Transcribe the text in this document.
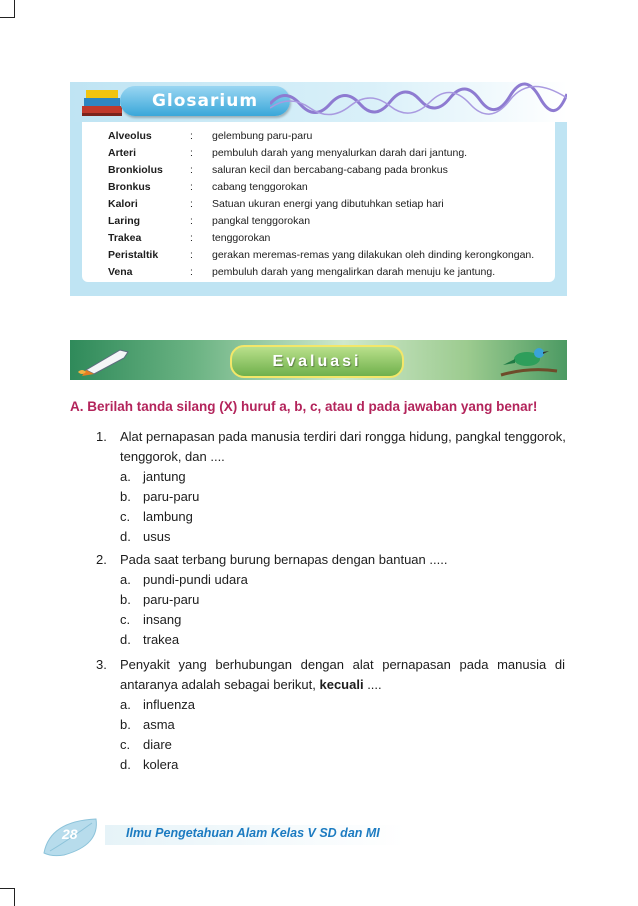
Glosarium
Alveolus	: gelembung paru-paru
Arteri	: pembuluh darah yang menyalurkan darah dari jantung.
Bronkiolus	: saluran kecil dan bercabang-cabang pada bronkus
Bronkus	: cabang tenggorokan
Kalori	: Satuan ukuran energi yang dibutuhkan setiap hari
Laring	: pangkal tenggorokan
Trakea	: tenggorokan
Peristaltik	: gerakan meremas-remas yang dilakukan oleh dinding kerongkongan.
Vena	: pembuluh darah yang mengalirkan darah menuju ke jantung.
Evaluasi
A. Berilah tanda silang (X) huruf a, b, c, atau d pada jawaban yang benar!
1. Alat pernapasan pada manusia terdiri dari rongga hidung, pangkal tenggorok,
tenggorok, dan ....
a. jantung
b. paru-paru
c. lambung
d. usus
2. Pada saat terbang burung bernapas dengan bantuan .....
a. pundi-pundi udara
b. paru-paru
c. insang
d. trakea
3. Penyakit yang berhubungan dengan alat pernapasan pada manusia di
antaranya adalah sebagai berikut, kecuali ....
a. influenza
b. asma
c. diare
d. kolera
28	Ilmu Pengetahuan Alam Kelas V SD dan MI
